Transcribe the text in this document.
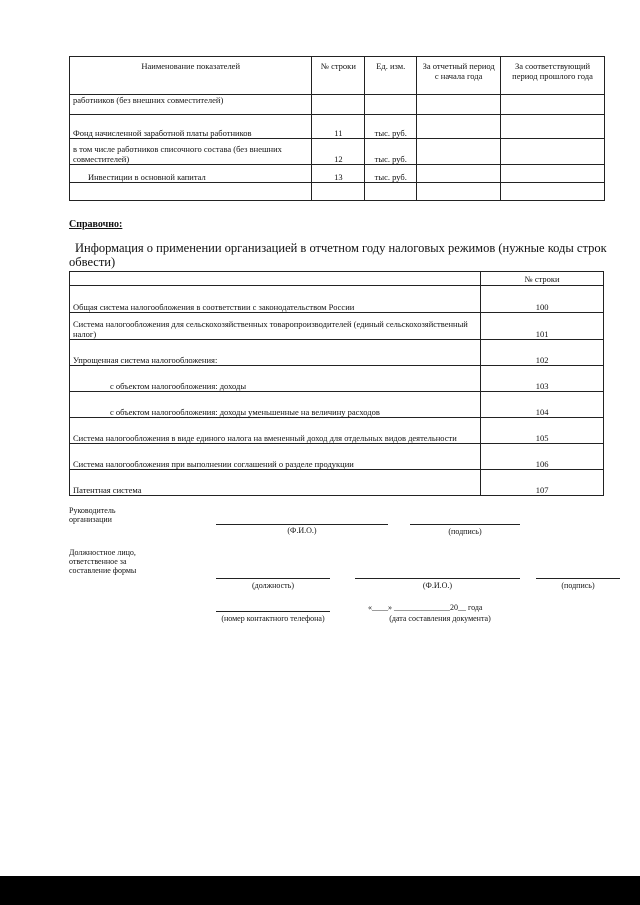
Наименование показателей	№ строки	Ед. изм.	За отчетный период с начала года	За соответствующий период прошлого года
работников (без внешних совместителей)				
Фонд начисленной заработной платы работников	11	тыс. руб.		
в том числе работников списочного состава (без внешних совместителей)	12	тыс. руб.		
Инвестиции в основной капитал	13	тыс. руб.		

Справочно:
Информация о применении организацией в отчетном году налоговых режимов (нужные коды строк обвести)
	№ строки
Общая система налогообложения в соответствии с законодательством России	100
Система налогообложения для сельскохозяйственных товаропроизводителей (единый сельскохозяйственный налог)	101
Упрощенная система налогообложения:	102
с объектом налогообложения: доходы	103
с объектом налогообложения: доходы уменьшенные на величину расходов	104
Система налогообложения в виде единого налога на вмененный доход для отдельных видов деятельности	105
Система налогообложения при выполнении соглашений о разделе продукции	106
Патентная система	107
Руководитель организации
(Ф.И.О.)	(подпись)
Должностное лицо, ответственное за составление формы
(должность)	(Ф.И.О.)	(подпись)
(номер контактного телефона)
«____» ______________20__ года
(дата составления документа)
